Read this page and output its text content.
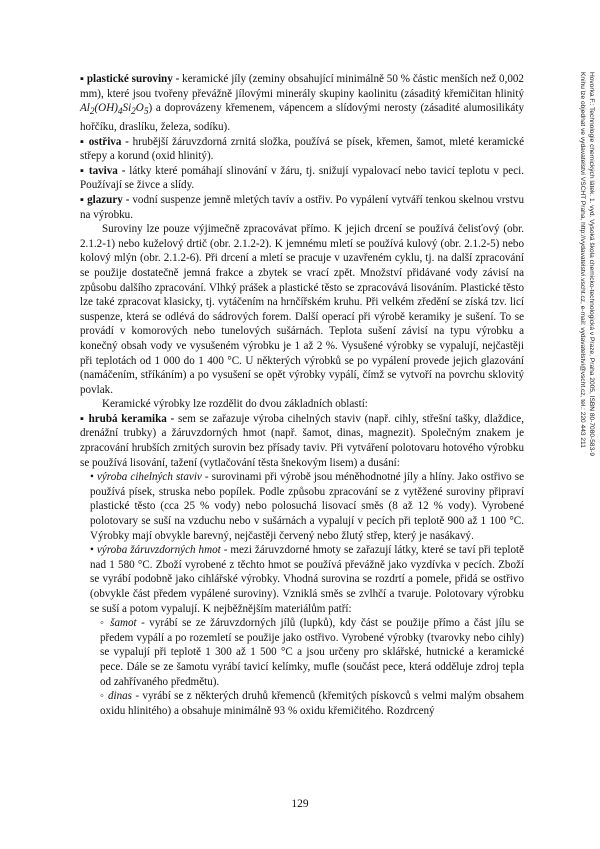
Hovorka F.: Technologie chemických látek. 1. vyd. Vysoká škola chemicko-technologická v Praze, Praha 2005, ISBN 80-7080-583-9
Knihu lze objednat ve vydavatelství VŠCHT Praha, http://vydavatelstvi.vscht.cz, e-mail: vydavatelstvi@vscht.cz, tel.: 220 443 211

▪ plastické suroviny - keramické jíly (zeminy obsahující minimálně 50 % částic menších než 0,002 mm), které jsou tvořeny převážně jílovými minerály skupiny kaolinitu (zásaditý křemičitan hlinitý $Al_2(OH)_4Si_2O_5$) a doprovázeny křemenem, vápencem a slídovými nerosty (zásadité alumosilikáty hořčíku, draslíku, železa, sodíku).

▪ ostřiva - hrubější žáruvzdorná zrnitá složka, používá se písek, křemen, šamot, mleté keramické střepy a korund (oxid hlinitý).

▪ taviva - látky které pomáhají slinování v žáru, tj. snižují vypalovací nebo tavicí teplotu v peci. Používají se živce a slídy.

▪ glazury - vodní suspenze jemně mletých tavív a ostřiv. Po vypálení vytváří tenkou skelnou vrstvu na výrobku.

Suroviny lze pouze výjimečně zpracovávat přímo. K jejich drcení se používá čelisťový (obr. 2.1.2-1) nebo kuželový drtič (obr. 2.1.2-2). K jemnému mletí se používá kulový (obr. 2.1.2-5) nebo kolový mlýn (obr. 2.1.2-6). Při drcení a mletí se pracuje v uzavřeném cyklu, tj. na další zpracování se použije dostatečně jemná frakce a zbytek se vrací zpět. Množství přidávané vody závisí na způsobu dalšího zpracování. Vlhký prášek a plastické těsto se zpracovává lisováním. Plastické těsto lze také zpracovat klasicky, tj. vytáčením na hrnčířském kruhu. Při velkém zředění se získá tzv. licí suspenze, která se odlévá do sádrových forem. Další operací při výrobě keramiky je sušení. To se provádí v komorových nebo tunelových sušárnách. Teplota sušení závisí na typu výrobku a konečný obsah vody ve vysušeném výrobku je 1 až 2 %. Vysušené výrobky se vypalují, nejčastěji při teplotách od 1 000 do 1 400 °C. U některých výrobků se po vypálení provede jejich glazování (namáčením, stříkáním) a po vysušení se opět výrobky vypálí, čímž se vytvoří na povrchu sklovitý povlak.

Keramické výrobky lze rozdělit do dvou základních oblastí:

▪ hrubá keramika - sem se zařazuje výroba cihelných staviv (např. cihly, střešní tašky, dlaždice, drenážní trubky) a žáruvzdorných hmot (např. šamot, dinas, magnezit). Společným znakem je zpracování hrubších zrnitých surovin bez přísady taviv. Při vytváření polotovaru hotového výrobku se používá lisování, tažení (vytlačování těsta šnekovým lisem) a dusání:

• výroba cihelných staviv - surovinami při výrobě jsou méněhodnotné jíly a hlíny. Jako ostřivo se používá písek, struska nebo popílek. Podle způsobu zpracování se z vytěžené suroviny připraví plastické těsto (cca 25 % vody) nebo polosuchá lisovací směs (8 až 12 % vody). Vyrobené polotovary se suší na vzduchu nebo v sušárnách a vypalují v pecích při teplotě 900 až 1 100 °C. Výrobky mají obvykle barevný, nejčastěji červený nebo žlutý střep, který je nasákavý.

• výroba žáruvzdorných hmot - mezi žáruvzdorné hmoty se zařazují látky, které se taví při teplotě nad 1 580 °C. Zboží vyrobené z těchto hmot se používá převážně jako vyzdívka v pecích. Zboží se vyrábí podobně jako cihlářské výrobky. Vhodná surovina se rozdrtí a pomele, přidá se ostřivo (obvykle část předem vypálené suroviny). Vzniklá směs se zvlhčí a tvaruje. Polotovary výrobku se suší a potom vypalují. K nejběžnějším materiálům patří:

◦ šamot - vyrábí se ze žáruvzdorných jílů (lupků), kdy část se použije přímo a část jílu se předem vypálí a po rozemletí se použije jako ostřivo. Vyrobené výrobky (tvarovky nebo cihly) se vypalují při teplotě 1 300 až 1 500 °C a jsou určeny pro sklářské, hutnické a keramické pece. Dále se ze šamotu vyrábí tavicí kelímky, mufle (součást pece, která odděluje zdroj tepla od zahřívaného předmětu).

◦ dinas - vyrábí se z některých druhů křemenců (křemitých pískovců s velmi malým obsahem oxidu hlinitého) a obsahuje minimálně 93 % oxidu křemičitého. Rozdrcený

129
